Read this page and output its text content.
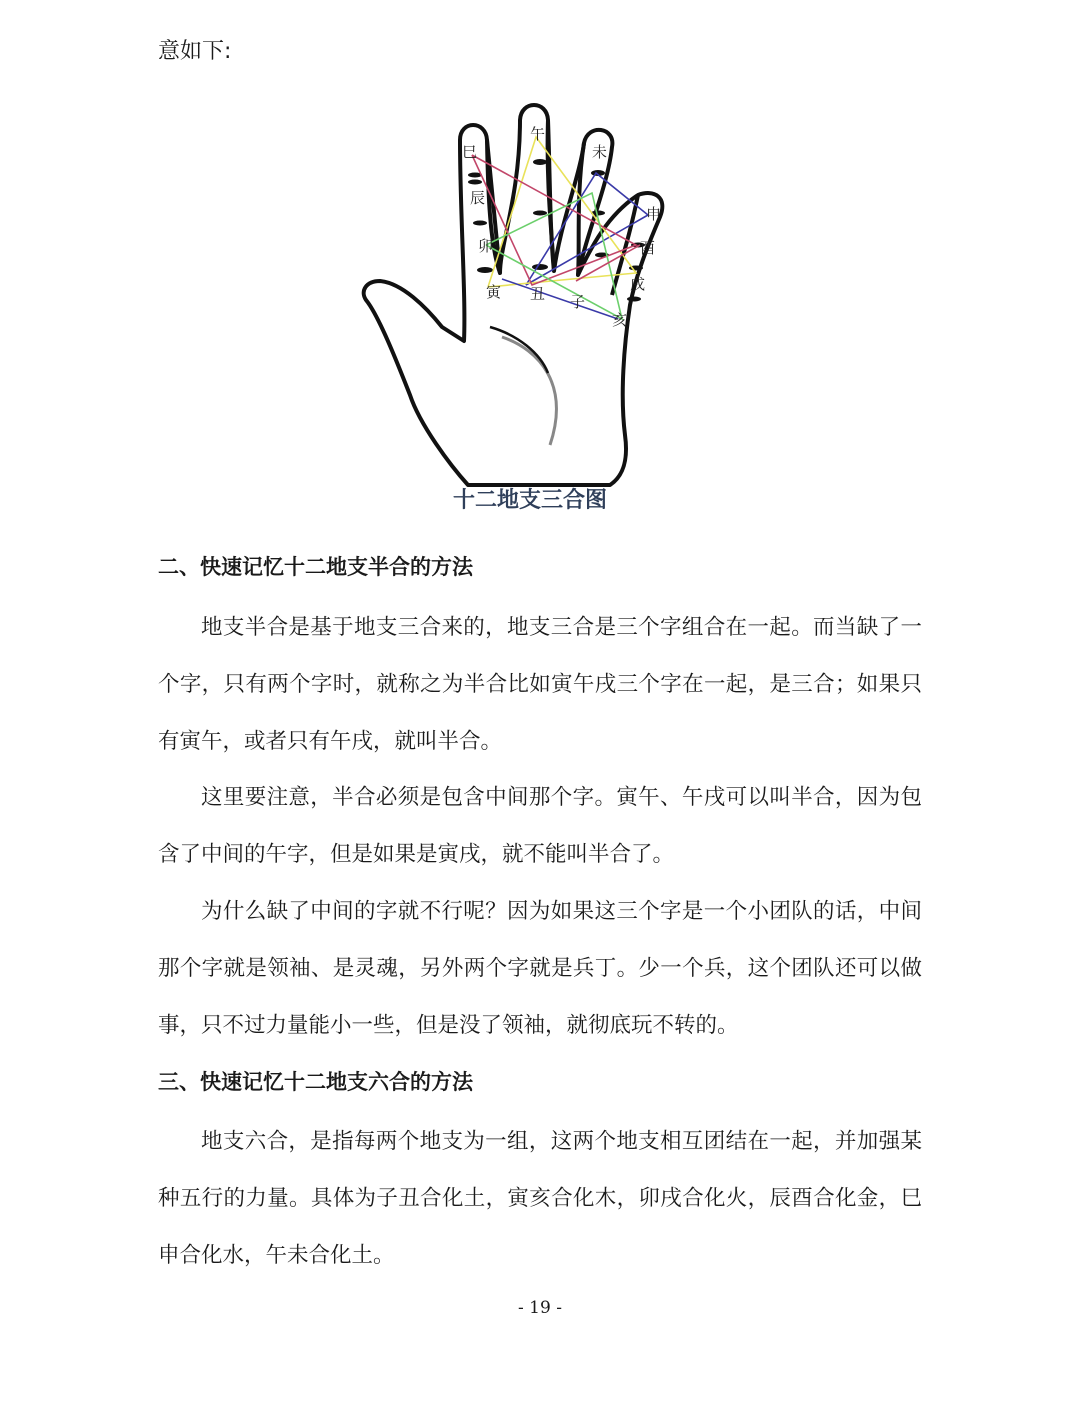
意如下:
巳
午
未
辰
申
卯	酉
寅 丑 子
戌
亥
十二地支三合图
二、快速记忆十二地支半合的方法
地支半合是基于地支三合来的，地支三合是三个字组合在一起。而当缺了一个字，只有两个字时，就称之为半合比如寅午戌三个字在一起，是三合；如果只有寅午，或者只有午戌，就叫半合。
这里要注意，半合必须是包含中间那个字。寅午、午戌可以叫半合，因为包含了中间的午字，但是如果是寅戌，就不能叫半合了。
为什么缺了中间的字就不行呢？因为如果这三个字是一个小团队的话，中间那个字就是领袖、是灵魂，另外两个字就是兵丁。少一个兵，这个团队还可以做事，只不过力量能小一些，但是没了领袖，就彻底玩不转的。
三、快速记忆十二地支六合的方法
地支六合，是指每两个地支为一组，这两个地支相互团结在一起，并加强某种五行的力量。具体为子丑合化土，寅亥合化木，卯戌合化火，辰酉合化金，巳申合化水，午未合化土。
- 19 -
